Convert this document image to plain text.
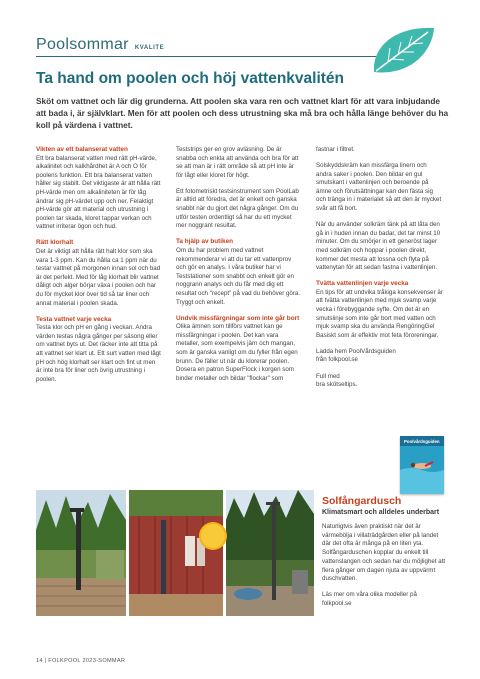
Poolsommar KVALITE
Ta hand om poolen och höj vattenkvalitén

Sköt om vattnet och lär dig grunderna. Att poolen ska vara ren och vattnet klart för att vara inbjudande att bada i, är självklart. Men för att poolen och dess utrustning ska må bra och hålla länge behöver du ha koll på värdena i vattnet.

Vikten av ett balanserat vatten

Ett bra balanserat vatten med rätt pH-värde, alkalinitet och kalkhårdhet är A och O för poolens funktion. Ett bra balanserat vatten håller sig stabilt. Det viktigaste är att hålla rätt pH-värde men om alkaliniteten är för låg ändrar sig pH-värdet upp och ner. Felaktigt pH-värde gör att material och utrustning i poolen tar skada, kloret tappar verkan och vattnet irriterar ögon och hud.

Rätt klorhalt

Det är viktigt att hålla rätt halt klor som ska vara 1-3 ppm. Kan du hålla ca 1 ppm när du testar vattnet på morgonen innan sol och bad är det perfekt. Med för låg klorhalt blir vattnet dåligt och alger börjar växa i poolen och har du för mycket klor över tid så tar liner och annat material i poolen skada.

Testa vattnet varje vecka

Testa klor och pH en gång i veckan. Andra värden testas några gånger per säsong eller om vattnet byts ut. Det räcker inte att titta på att vattnet ser klart ut. Ett surt vatten med lågt pH och hög klorhalt ser klart och fint ut men är inte bra för liner och övrig utrustning i poolen.

Teststrips ger en grov avläsning. De är snabba och enkla att använda och bra för att se att man är i rätt område så att pH inte är för lågt eller kloret för högt.

Ett fotometriskt testsinstrument som PoolLab är alltid att föredra, det är enkelt och ganska snabbt när du gjort det några gånger. Om du utför testen ordentligt så har du ett mycket mer noggrant resultat.

Ta hjälp av butiken

Om du har problem med vattnet rekommenderar vi att du tar ett vattenprov och gör en analys. I våra butiker har vi Teststationer som snabbt och enkelt gör en noggrann analys och du får med dig ett resultat och "recept" på vad du behöver göra. Tryggt och enkelt.

Undvik missfärgningar som inte går bort

Olika ämnen som tillförs vattnet kan ge missfärgningar i poolen. Det kan vara metaller, som exempelvis järn och mangan, som är ganska vanligt om du fyller från egen brunn. De fäller ut när du klorerar poolen. Dosera en patron SuperFlock i korgen som binder metaller och bildar "flockar" som

fastnar i filtret.

Solskyddskräm kan missfärga linern och andra saker i poolen. Den bildar en gul smutskant i vattenlinjen och beroende på ämne och förutsättningar kan den fästa sig och tränga in i materialet så att den är mycket svår att få bort.

När du använder solkräm tänk på att låta den gå in i huden innan du badar, det tar minst 10 minuter. Om du smörjer in ett generöst lager med solkräm och hoppar i poolen direkt, kommer det mesta att lossna och flyta på vattenytan för att sedan fastna i vattenlinjen.

Tvätta vattenlinjen varje vecka

En tips för att undvika tråkiga konsekvenser är att tvätta vattenlinjen med mjuk svamp varje vecka i förebyggande syfte. Om det är en smutslinje som inte går bort med vatten och mjuk svamp ska du använda RengöringGel Basiskt som är effektiv mot feta föroreningar.

Ladda hem PoolVårdsguiden från folkpool.se

Full med
bra skötseltips.

Poolvårdsguiden
Solfångardusch

Klimatsmart och alldeles underbart

Naturligtvis även praktiskt när det är värmebölja i villaträdgården eller på landet där det ofta är många på en liten yta. Solfångarduschen kopplar du enkelt till vattenslangen och sedan har du möjlighet att flera gånger om dagen njuta av uppvärmt duschvatten.

Läs mer om våra olika modeller på folkpool.se

14 | FOLKPOOL 2023-SOMMAR
